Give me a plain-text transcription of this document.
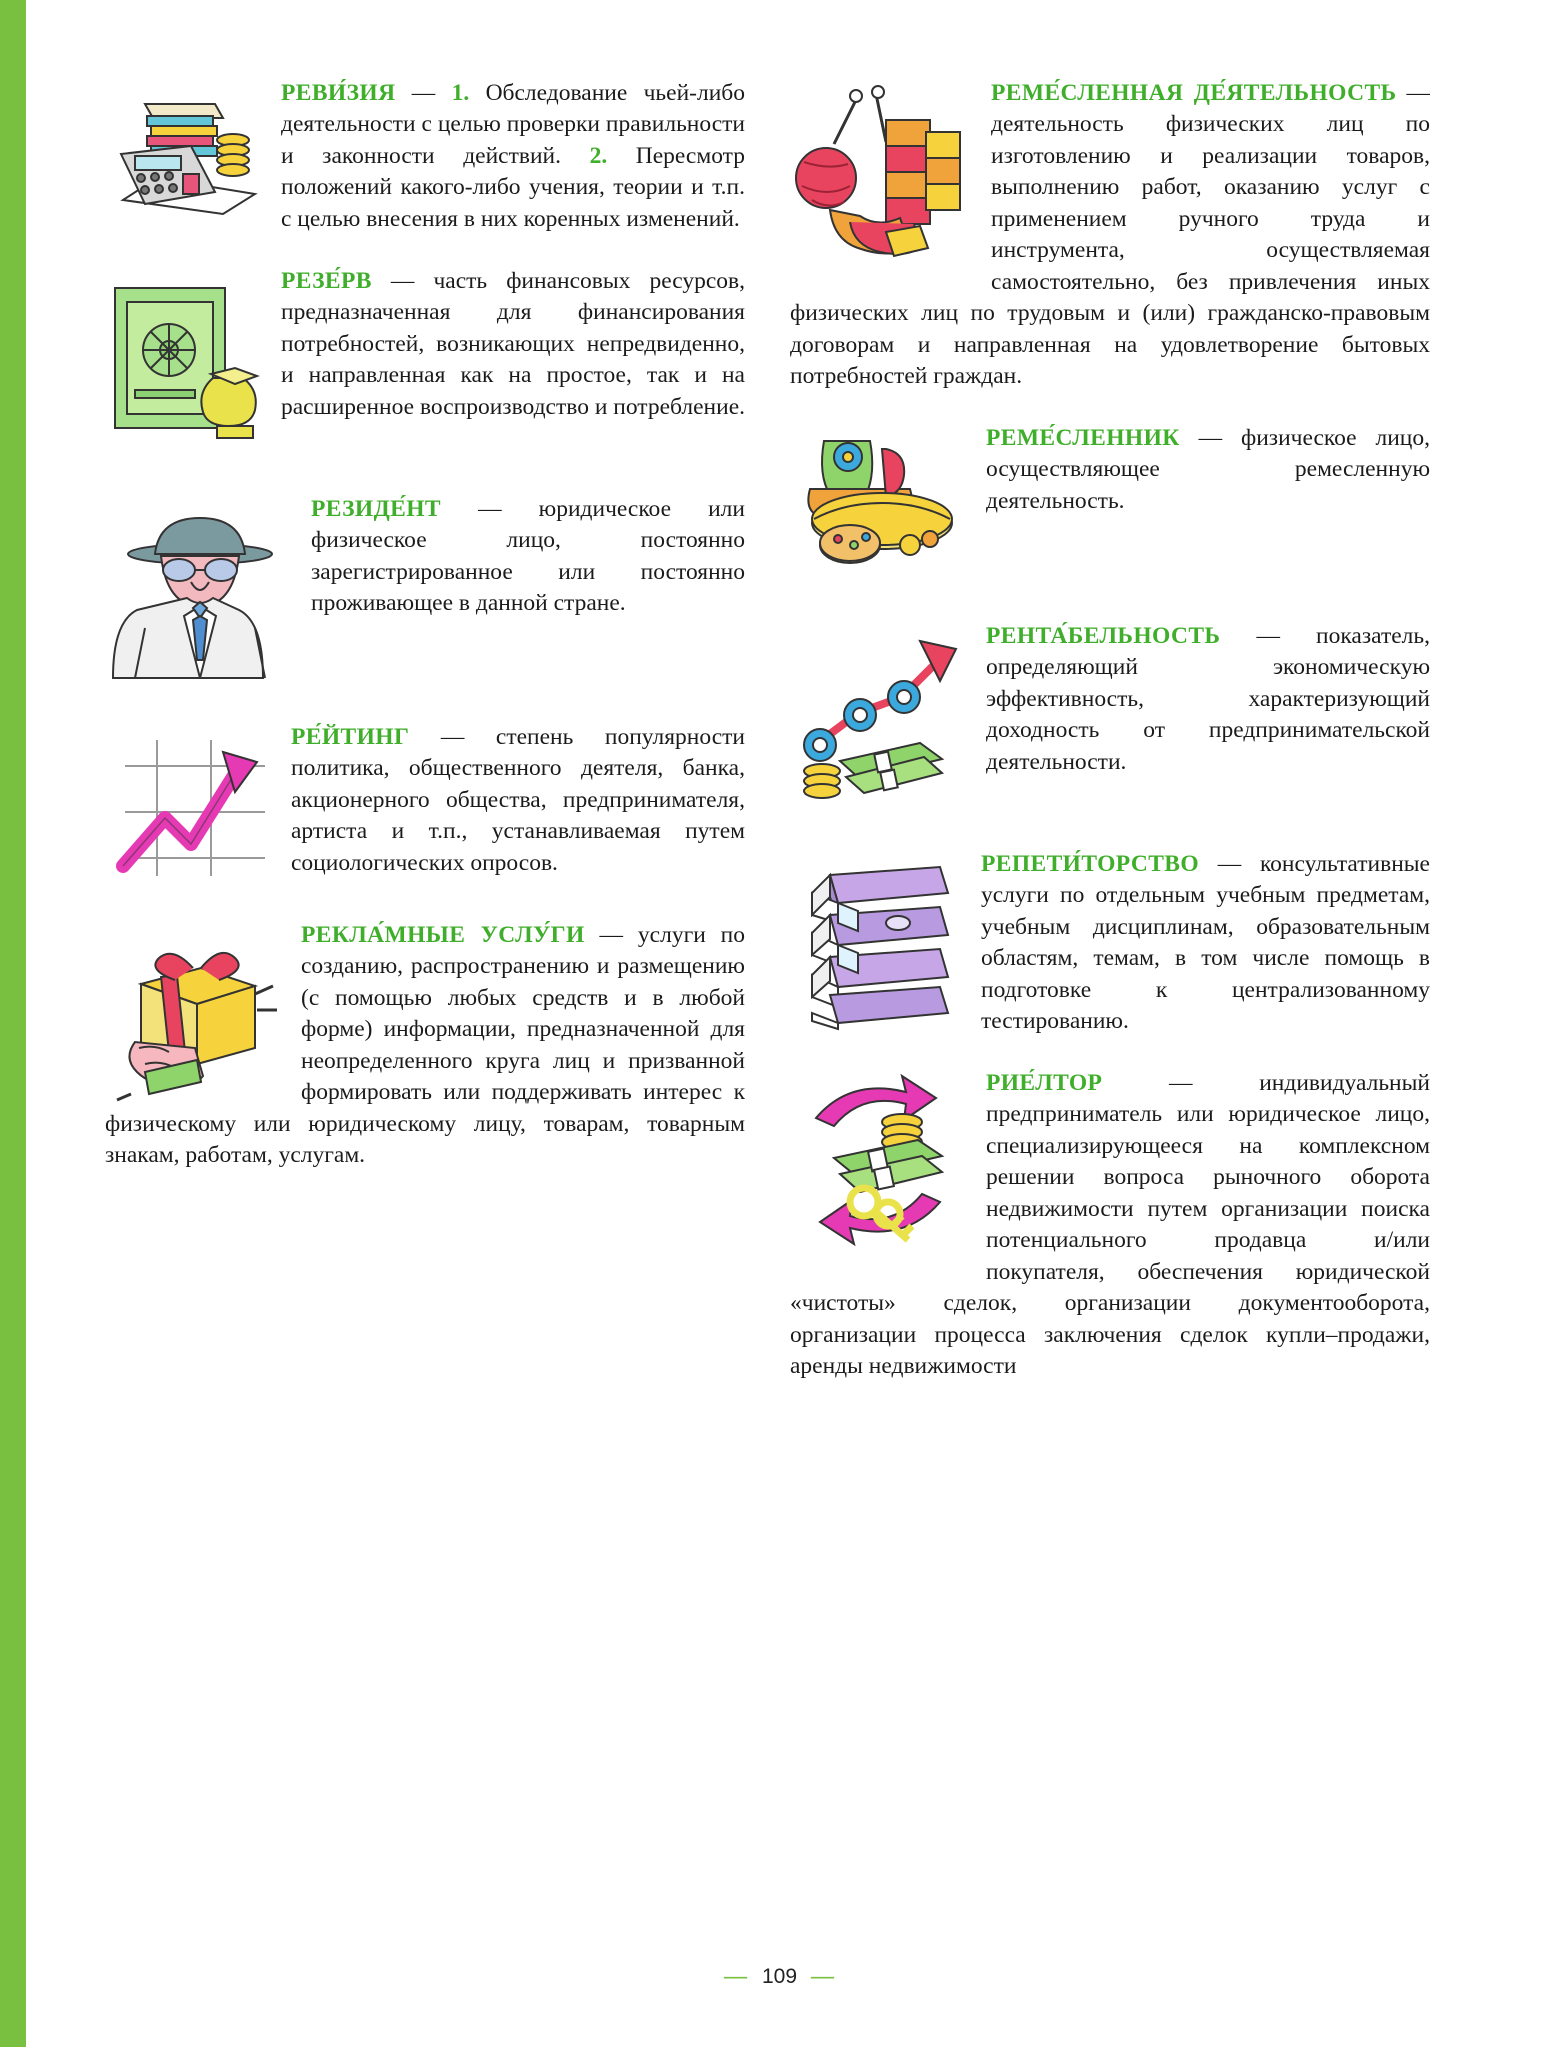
РЕВИ́ЗИЯ — 1. Обследование чьей-либо деятельности с целью проверки правильности и законности действий. 2. Пересмотр положений какого-либо учения, теории и т.п. с целью внесения в них коренных изменений.

РЕЗЕ́РВ — часть финансовых ресурсов, предназначенная для финансирования потребностей, возникающих непредвиденно, и направленная как на простое, так и на расширенное воспроизводство и потребление.

РЕЗИДЕ́НТ — юридическое или физическое лицо, постоянно зарегистрированное или постоянно проживающее в данной стране.

РЕ́ЙТИНГ — степень популярности политика, общественного деятеля, банка, акционерного общества, предпринимателя, артиста и т.п., устанавливаемая путем социологических опросов.

РЕКЛА́МНЫЕ УСЛУ́ГИ — услуги по созданию, распространению и размещению (с помощью любых средств и в любой форме) информации, предназначенной для неопределенного круга лиц и призванной формировать или поддерживать интерес к физическому или юридическому лицу, товарам, товарным знакам, работам, услугам.

РЕМЕ́СЛЕННАЯ ДЕ́ЯТЕЛЬНОСТЬ — деятельность физических лиц по изготовлению и реализации товаров, выполнению работ, оказанию услуг с применением ручного труда и инструмента, осуществляемая самостоятельно, без привлечения иных физических лиц по трудовым и (или) гражданско-правовым договорам и направленная на удовлетворение бытовых потребностей граждан.

РЕМЕ́СЛЕННИК — физическое лицо, осуществляющее ремесленную деятельность.

РЕНТА́БЕЛЬНОСТЬ — показатель, определяющий экономическую эффективность, характеризующий доходность от предпринимательской деятельности.

РЕПЕТИ́ТОРСТВО — консультативные услуги по отдельным учебным предметам, учебным дисциплинам, образовательным областям, темам, в том числе помощь в подготовке к централизованному тестированию.

РИЕ́ЛТОР — индивидуальный предприниматель или юридическое лицо, специализирующееся на комплексном решении вопроса рыночного оборота недвижимости путем организации поиска потенциального продавца и/или покупателя, обеспечения юридической «чистоты» сделок, организации документооборота, организации процесса заключения сделок купли–продажи, аренды недвижимости

— 109 —
